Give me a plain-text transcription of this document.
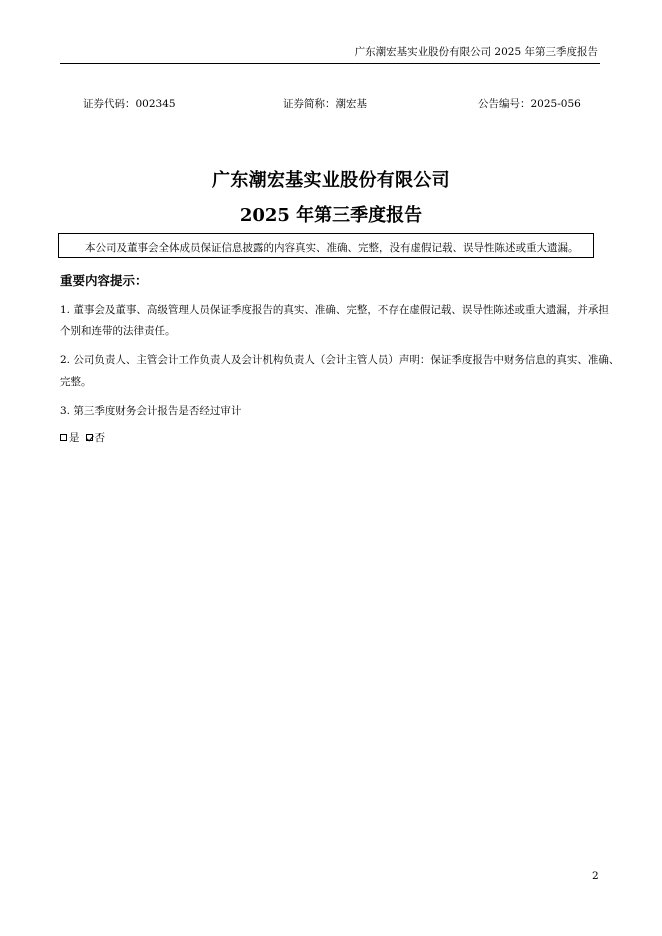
广东潮宏基实业股份有限公司 2025 年第三季度报告
证券代码：002345	证券简称：潮宏基	公告编号：2025-056
广东潮宏基实业股份有限公司
2025 年第三季度报告
本公司及董事会全体成员保证信息披露的内容真实、准确、完整，没有虚假记载、误导性陈述或重大遗漏。
重要内容提示：
1. 董事会及董事、高级管理人员保证季度报告的真实、准确、完整，不存在虚假记载、误导性陈述或重大遗漏，并承担
个别和连带的法律责任。
2. 公司负责人、主管会计工作负责人及会计机构负责人（会计主管人员）声明：保证季度报告中财务信息的真实、准确、
完整。
3. 第三季度财务会计报告是否经过审计
是 否
2
